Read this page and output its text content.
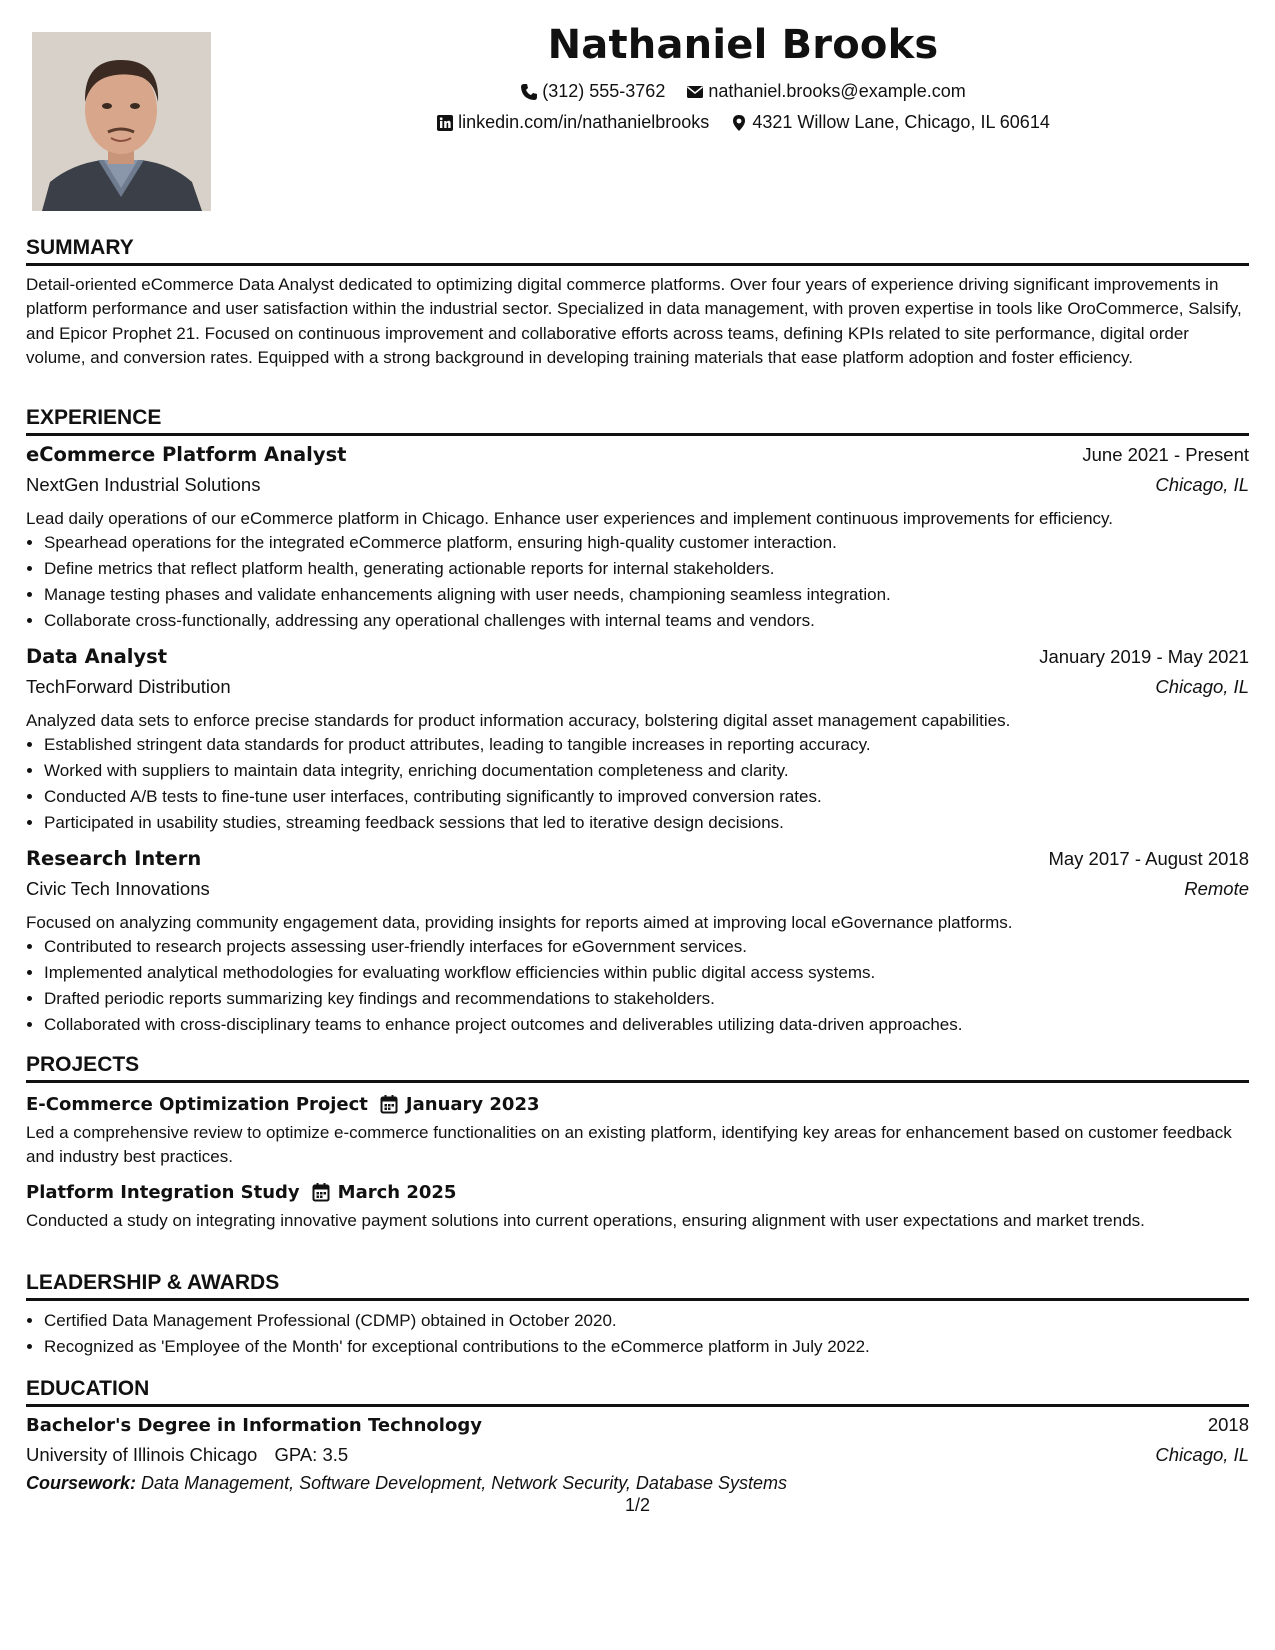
Nathaniel Brooks
(312) 555-3762
nathaniel.brooks@example.com
linkedin.com/in/nathanielbrooks
4321 Willow Lane, Chicago, IL 60614
SUMMARY
Detail-oriented eCommerce Data Analyst dedicated to optimizing digital commerce platforms. Over four years of experience driving significant improvements in platform performance and user satisfaction within the industrial sector. Specialized in data management, with proven expertise in tools like OroCommerce, Salsify, and Epicor Prophet 21. Focused on continuous improvement and collaborative efforts across teams, defining KPIs related to site performance, digital order volume, and conversion rates. Equipped with a strong background in developing training materials that ease platform adoption and foster efficiency.
EXPERIENCE
eCommerce Platform Analyst	June 2021 - Present
NextGen Industrial Solutions	Chicago, IL
Lead daily operations of our eCommerce platform in Chicago. Enhance user experiences and implement continuous improvements for efficiency.
• Spearhead operations for the integrated eCommerce platform, ensuring high-quality customer interaction.
• Define metrics that reflect platform health, generating actionable reports for internal stakeholders.
• Manage testing phases and validate enhancements aligning with user needs, championing seamless integration.
• Collaborate cross-functionally, addressing any operational challenges with internal teams and vendors.
Data Analyst	January 2019 - May 2021
TechForward Distribution	Chicago, IL
Analyzed data sets to enforce precise standards for product information accuracy, bolstering digital asset management capabilities.
• Established stringent data standards for product attributes, leading to tangible increases in reporting accuracy.
• Worked with suppliers to maintain data integrity, enriching documentation completeness and clarity.
• Conducted A/B tests to fine-tune user interfaces, contributing significantly to improved conversion rates.
• Participated in usability studies, streaming feedback sessions that led to iterative design decisions.
Research Intern	May 2017 - August 2018
Civic Tech Innovations	Remote
Focused on analyzing community engagement data, providing insights for reports aimed at improving local eGovernance platforms.
• Contributed to research projects assessing user-friendly interfaces for eGovernment services.
• Implemented analytical methodologies for evaluating workflow efficiencies within public digital access systems.
• Drafted periodic reports summarizing key findings and recommendations to stakeholders.
• Collaborated with cross-disciplinary teams to enhance project outcomes and deliverables utilizing data-driven approaches.
PROJECTS
E-Commerce Optimization Project January 2023
Led a comprehensive review to optimize e-commerce functionalities on an existing platform, identifying key areas for enhancement based on customer feedback and industry best practices.
Platform Integration Study March 2025
Conducted a study on integrating innovative payment solutions into current operations, ensuring alignment with user expectations and market trends.
LEADERSHIP & AWARDS
• Certified Data Management Professional (CDMP) obtained in October 2020.
• Recognized as 'Employee of the Month' for exceptional contributions to the eCommerce platform in July 2022.
EDUCATION
Bachelor's Degree in Information Technology	2018
University of Illinois Chicago GPA: 3.5	Chicago, IL
Coursework: Data Management, Software Development, Network Security, Database Systems
1/2
